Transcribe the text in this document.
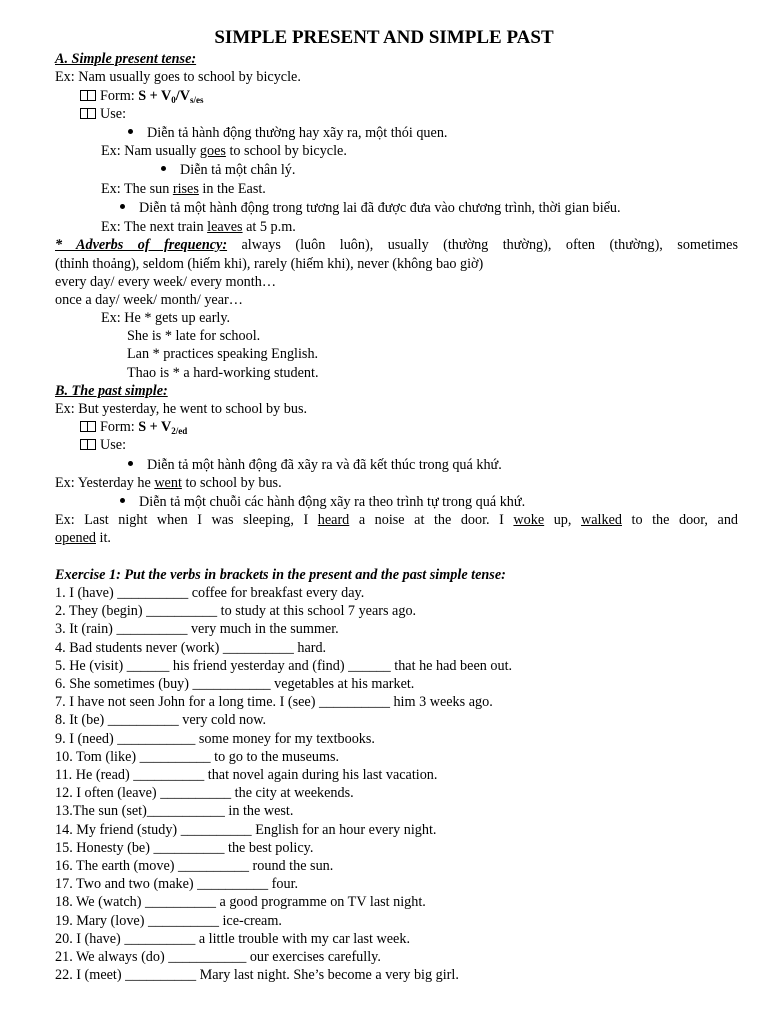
SIMPLE PRESENT AND SIMPLE PAST
A. Simple present tense:
Ex: Nam usually goes to school by bicycle.
Form: $S + V_0/V_{s/es}$
Use:
Diễn tả hành động thường hay xãy ra, một thói quen.
Ex: Nam usually goes to school by bicycle.
Diễn tả một chân lý.
Ex: The sun rises in the East.
Diễn tả một hành động trong tương lai đã được đưa vào chương trình, thời gian biểu.
Ex: The next train leaves at 5 p.m.
* Adverbs of frequency: always (luôn luôn), usually (thường thường), often (thường), sometimes
(thỉnh thoảng), seldom (hiếm khi), rarely (hiếm khi), never (không bao giờ)
every day/ every week/ every month…
once a day/ week/ month/ year…
Ex: He * gets up early.
She is * late for school.
Lan * practices speaking English.
Thao is * a hard-working student.
B. The past simple:
Ex: But yesterday, he went to school by bus.
Form: $S + V_{2/ed}$
Use:
Diễn tả một hành động đã xãy ra và đã kết thúc trong quá khứ.
Ex: Yesterday he went to school by bus.
Diễn tả một chuỗi các hành động xãy ra theo trình tự trong quá khứ.
Ex: Last night when I was sleeping, I heard a noise at the door. I woke up, walked to the door, and
opened it.
Exercise 1: Put the verbs in brackets in the present and the past simple tense:
1. I (have) __________ coffee for breakfast every day.
2. They (begin) __________ to study at this school 7 years ago.
3. It (rain) __________ very much in the summer.
4. Bad students never (work) __________ hard.
5. He (visit) ______ his friend yesterday and (find) ______ that he had been out.
6. She sometimes (buy) ___________ vegetables at his market.
7. I have not seen John for a long time. I (see) __________ him 3 weeks ago.
8. It (be) __________ very cold now.
9. I (need) ___________ some money for my textbooks.
10. Tom (like) __________ to go to the museums.
11. He (read) __________ that novel again during his last vacation.
12. I often (leave) __________ the city at weekends.
13.The sun (set)___________ in the west.
14. My friend (study) __________ English for an hour every night.
15. Honesty (be) __________ the best policy.
16. The earth (move) __________ round the sun.
17. Two and two (make) __________ four.
18. We (watch) __________ a good programme on TV last night.
19. Mary (love) __________ ice-cream.
20. I (have) __________ a little trouble with my car last week.
21. We always (do) ___________ our exercises carefully.
22. I (meet) __________ Mary last night. She’s become a very big girl.
